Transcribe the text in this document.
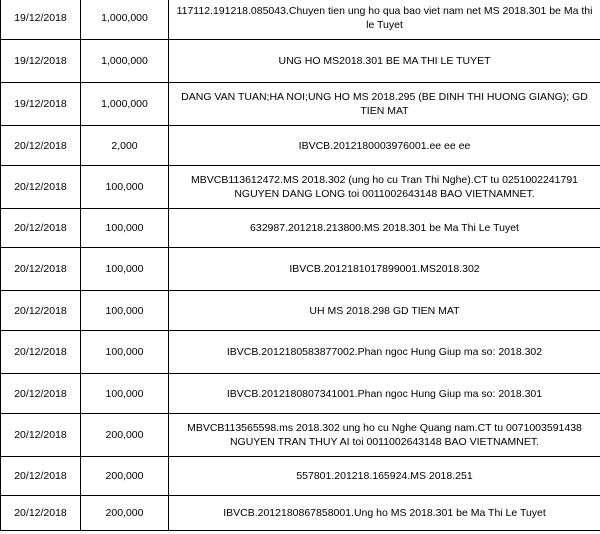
19/12/2018	1,000,000	117112.191218.085043.Chuyen tien ung ho qua bao viet nam net MS 2018.301 be Ma thi le Tuyet
19/12/2018	1,000,000	UNG HO MS2018.301 BE MA THI LE TUYET
19/12/2018	1,000,000	DANG VAN TUAN;HA NOI;UNG HO MS 2018.295 (BE DINH THI HUONG GIANG); GD TIEN MAT
20/12/2018	2,000	IBVCB.2012180003976001.ee ee ee
20/12/2018	100,000	MBVCB113612472.MS 2018.302 (ung ho cu Tran Thi Nghe).CT tu 0251002241791 NGUYEN DANG LONG toi 0011002643148 BAO VIETNAMNET.
20/12/2018	100,000	632987.201218.213800.MS 2018.301 be Ma Thi Le Tuyet
20/12/2018	100,000	IBVCB.2012181017899001.MS2018.302
20/12/2018	100,000	UH MS 2018.298 GD TIEN MAT
20/12/2018	100,000	IBVCB.2012180583877002.Phan ngoc Hung Giup ma so: 2018.302
20/12/2018	100,000	IBVCB.2012180807341001.Phan ngoc Hung Giup ma so: 2018.301
20/12/2018	200,000	MBVCB113565598.ms 2018.302 ung ho cu Nghe Quang nam.CT tu 0071003591438 NGUYEN TRAN THUY AI toi 0011002643148 BAO VIETNAMNET.
20/12/2018	200,000	557801.201218.165924.MS 2018.251
20/12/2018	200,000	IBVCB.2012180867858001.Ung ho MS 2018.301 be Ma Thi Le Tuyet
